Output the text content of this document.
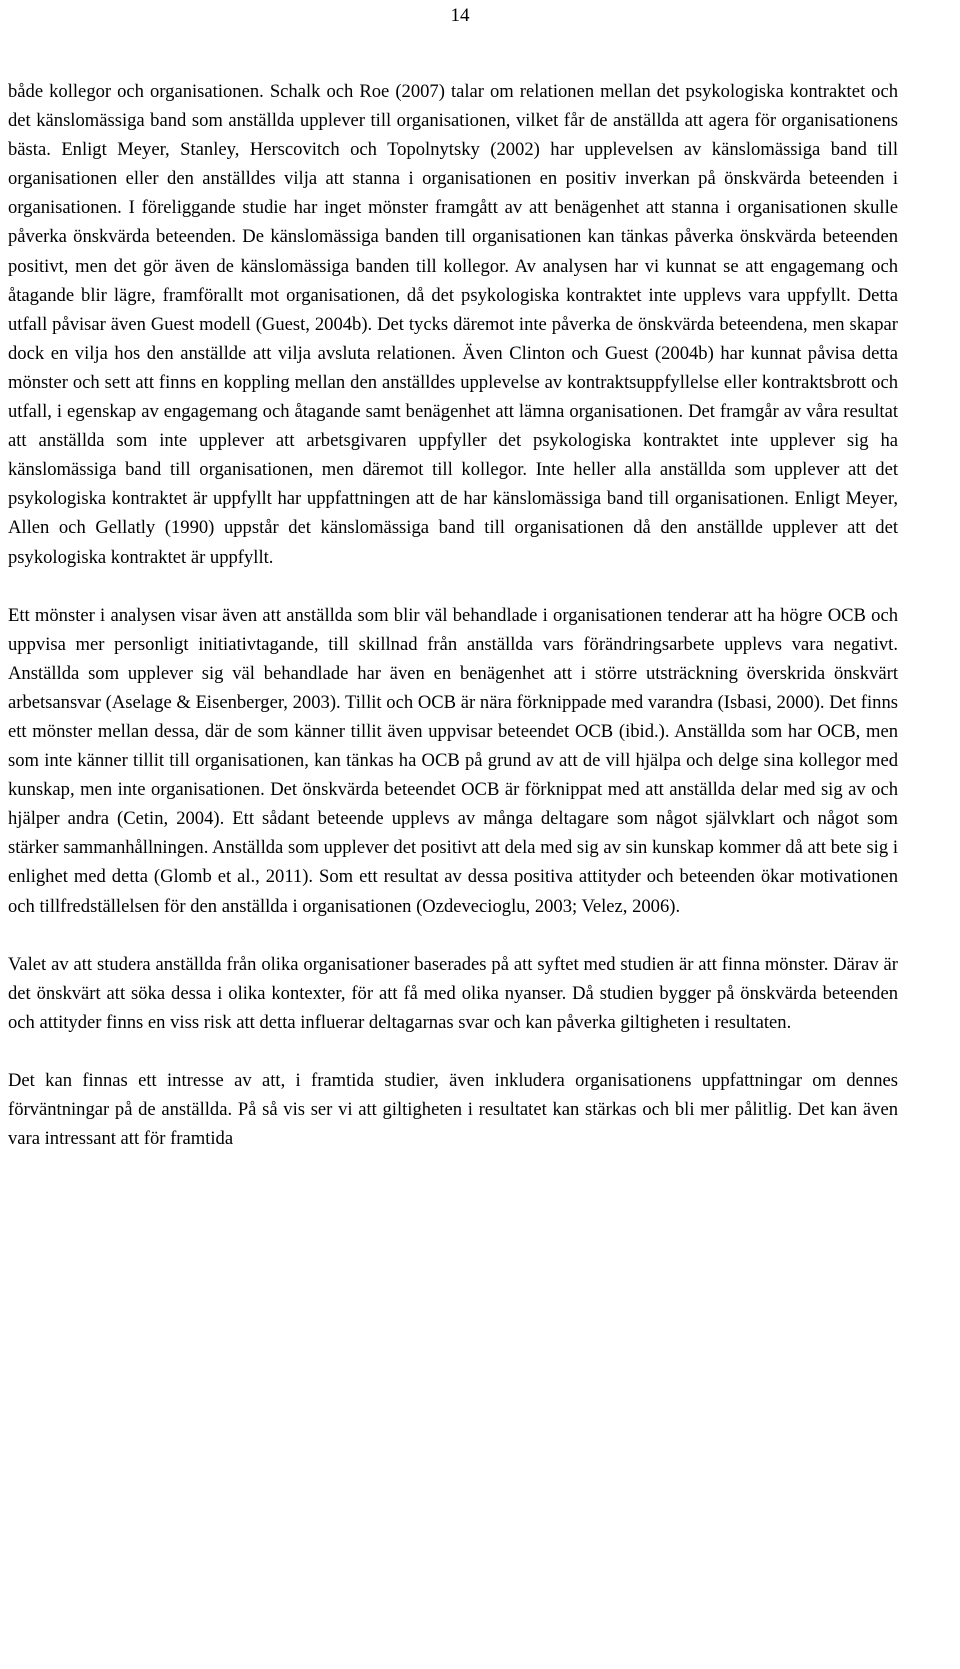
14

både kollegor och organisationen. Schalk och Roe (2007) talar om relationen mellan det psykologiska kontraktet och det känslomässiga band som anställda upplever till organisationen, vilket får de anställda att agera för organisationens bästa. Enligt Meyer, Stanley, Herscovitch och Topolnytsky (2002) har upplevelsen av känslomässiga band till organisationen eller den anställdes vilja att stanna i organisationen en positiv inverkan på önskvärda beteenden i organisationen. I föreliggande studie har inget mönster framgått av att benägenhet att stanna i organisationen skulle påverka önskvärda beteenden. De känslomässiga banden till organisationen kan tänkas påverka önskvärda beteenden positivt, men det gör även de känslomässiga banden till kollegor. Av analysen har vi kunnat se att engagemang och åtagande blir lägre, framförallt mot organisationen, då det psykologiska kontraktet inte upplevs vara uppfyllt. Detta utfall påvisar även Guest modell (Guest, 2004b). Det tycks däremot inte påverka de önskvärda beteendena, men skapar dock en vilja hos den anställde att vilja avsluta relationen. Även Clinton och Guest (2004b) har kunnat påvisa detta mönster och sett att finns en koppling mellan den anställdes upplevelse av kontraktsuppfyllelse eller kontraktsbrott och utfall, i egenskap av engagemang och åtagande samt benägenhet att lämna organisationen. Det framgår av våra resultat att anställda som inte upplever att arbetsgivaren uppfyller det psykologiska kontraktet inte upplever sig ha känslomässiga band till organisationen, men däremot till kollegor. Inte heller alla anställda som upplever att det psykologiska kontraktet är uppfyllt har uppfattningen att de har känslomässiga band till organisationen. Enligt Meyer, Allen och Gellatly (1990) uppstår det känslomässiga band till organisationen då den anställde upplever att det psykologiska kontraktet är uppfyllt.

Ett mönster i analysen visar även att anställda som blir väl behandlade i organisationen tenderar att ha högre OCB och uppvisa mer personligt initiativtagande, till skillnad från anställda vars förändringsarbete upplevs vara negativt. Anställda som upplever sig väl behandlade har även en benägenhet att i större utsträckning överskrida önskvärt arbetsansvar (Aselage & Eisenberger, 2003). Tillit och OCB är nära förknippade med varandra (Isbasi, 2000). Det finns ett mönster mellan dessa, där de som känner tillit även uppvisar beteendet OCB (ibid.). Anställda som har OCB, men som inte känner tillit till organisationen, kan tänkas ha OCB på grund av att de vill hjälpa och delge sina kollegor med kunskap, men inte organisationen. Det önskvärda beteendet OCB är förknippat med att anställda delar med sig av och hjälper andra (Cetin, 2004). Ett sådant beteende upplevs av många deltagare som något självklart och något som stärker sammanhållningen. Anställda som upplever det positivt att dela med sig av sin kunskap kommer då att bete sig i enlighet med detta (Glomb et al., 2011). Som ett resultat av dessa positiva attityder och beteenden ökar motivationen och tillfredställelsen för den anställda i organisationen (Ozdevecioglu, 2003; Velez, 2006).

Valet av att studera anställda från olika organisationer baserades på att syftet med studien är att finna mönster. Därav är det önskvärt att söka dessa i olika kontexter, för att få med olika nyanser. Då studien bygger på önskvärda beteenden och attityder finns en viss risk att detta influerar deltagarnas svar och kan påverka giltigheten i resultaten.

Det kan finnas ett intresse av att, i framtida studier, även inkludera organisationens uppfattningar om dennes förväntningar på de anställda. På så vis ser vi att giltigheten i resultatet kan stärkas och bli mer pålitlig. Det kan även vara intressant att för framtida
